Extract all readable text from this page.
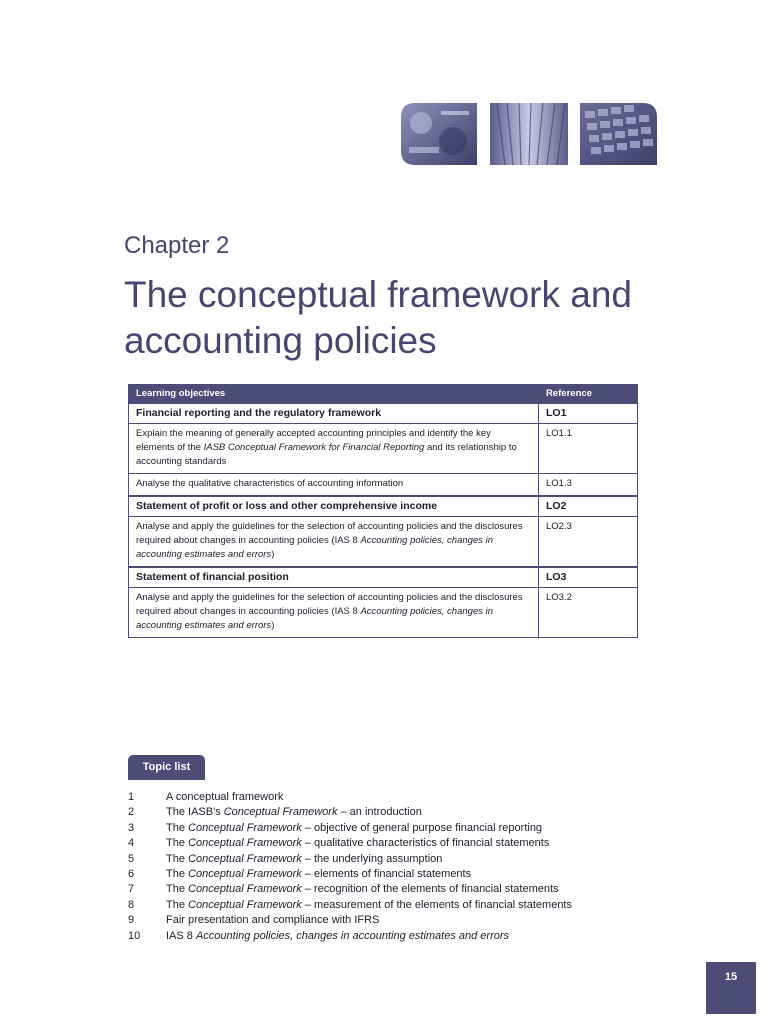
Chapter 2
The conceptual framework and
accounting policies
Learning objectives	Reference
Financial reporting and the regulatory framework	LO1
Explain the meaning of generally accepted accounting principles and identify the key elements of the IASB Conceptual Framework for Financial Reporting and its relationship to accounting standards	LO1.1
Analyse the qualitative characteristics of accounting information	LO1.3
Statement of profit or loss and other comprehensive income	LO2
Analyse and apply the guidelines for the selection of accounting policies and the disclosures required about changes in accounting policies (IAS 8 Accounting policies, changes in accounting estimates and errors)	LO2.3
Statement of financial position	LO3
Analyse and apply the guidelines for the selection of accounting policies and the disclosures required about changes in accounting policies (IAS 8 Accounting policies, changes in accounting estimates and errors)	LO3.2
Topic list
1	A conceptual framework
2	The IASB's Conceptual Framework – an introduction
3	The Conceptual Framework – objective of general purpose financial reporting
4	The Conceptual Framework – qualitative characteristics of financial statements
5	The Conceptual Framework – the underlying assumption
6	The Conceptual Framework – elements of financial statements
7	The Conceptual Framework – recognition of the elements of financial statements
8	The Conceptual Framework – measurement of the elements of financial statements
9	Fair presentation and compliance with IFRS
10	IAS 8 Accounting policies, changes in accounting estimates and errors
15
